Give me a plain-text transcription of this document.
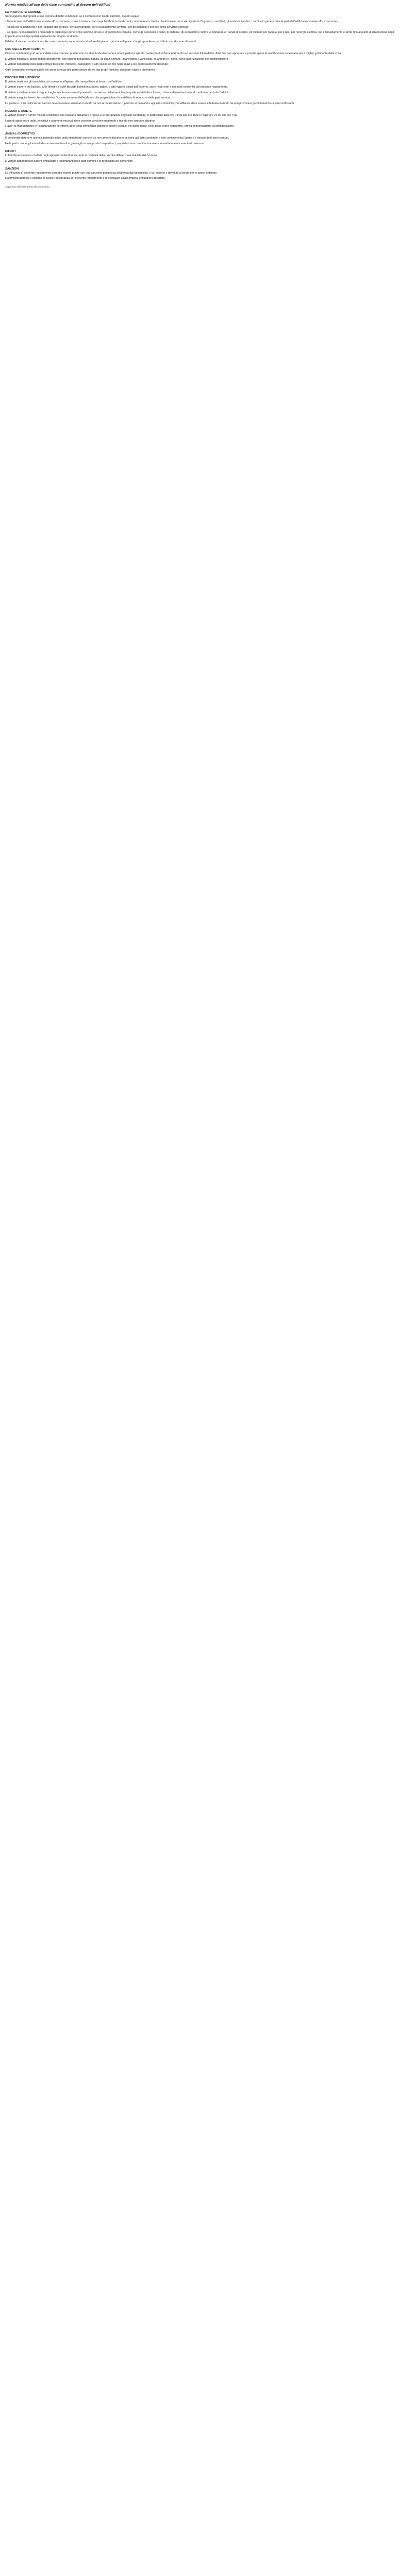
Norma relativa all'uso delle case comunali e al decoro dell'edificio
LA PROPRIETÀ COMUNE

Sono oggetto di proprietà e uso comune di tutti i condomini, se il contrario non risulta dal titolo, quanto segue:

- Tutte le parti dell'edificio necessarie all'uso comune, come il suolo su cui sorge l'edificio, le fondazioni, i muri maestri, i tetti e i lastrici solari, le scale, i portoni d'ingresso, i vestiboli, gli androni, i portici, i cortili e in genere tutte le parti dell'edificio necessarie all'uso comune;

- I locali per la portineria e per l'alloggio del portiere, per la lavanderia, per il riscaldamento centrale, per gli stenditoi e per altri simili servizi in comune;

- Le opere, le installazioni, i manufatti di qualunque genere che servono all'uso e al godimento comune, come gli ascensori, i pozzi, le cisterne, gli acquedotti e inoltre le fognature e i canali di scarico, gli impianti per l'acqua, per il gas, per l'energia elettrica, per il riscaldamento e simili, fino al punto di diramazione degli impianti ai locali di proprietà esclusiva dei singoli condomini.

Il diritto di ciascun condomino sulle cose comuni è proporzionato al valore del piano o porzione di piano che gli appartiene, se il titolo non dispone altrimenti.

USO DELLE PARTI COMUNI

Ciascun condomino può servirsi della cosa comune, purché non ne alteri la destinazione e non impedisca agli altri partecipanti di farne parimenti uso secondo il loro diritto. A tal fine può apportare a proprie spese le modificazioni necessarie per il miglior godimento della cosa.

È vietato occupare, anche temporaneamente, con oggetti di qualsiasi natura, gli spazi comuni, i pianerottoli, i vani scala, gli androni e i cortili, salvo autorizzazione dell'amministratore.

È vietato depositare nelle parti comuni biciclette, motocicli, passeggini o altri veicoli se non negli spazi a ciò espressamente destinati.

Ogni condomino è responsabile dei danni arrecati alle parti comuni da sé, dai propri familiari, dai propri ospiti o dipendenti.

DECORO DELL'EDIFICIO

È vietato destinare gli immobili a uso contrario all'igiene, alla tranquillità e al decoro dell'edificio.

È vietato esporre sui balconi, sulle finestre e sulle facciate biancheria, panni, tappeti o altri oggetti visibili dall'esterno, salvo negli orari e nei modi consentiti dal presente regolamento.

È vietato installare tende, insegne, targhe o antenne senza il preventivo consenso dell'assemblea, la quale ne stabilisce forma, colore e dimensioni in modo uniforme per tutto l'edificio.

È vietato eseguire lavori che modifichino l'aspetto esteriore dell'edificio o che pregiudichino la stabilità o la sicurezza delle parti comuni.

Le piante e i vasi collocati sui balconi devono essere sistemati in modo da non arrecare danno o pericolo ai passanti e agli altri condomini; l'innaffiatura deve essere effettuata in modo da non provocare gocciolamenti sui piani sottostanti.

RUMORI E QUIETE

È vietato produrre rumori molesti o fastidiosi che possano disturbare il riposo e le occupazioni degli altri condomini, in particolare dalle ore 13:00 alle ore 15:00 e dalle ore 22:00 alle ore 7:00.

L'uso di apparecchi radio, televisivi e strumenti musicali deve avvenire a volume moderato e tale da non arrecare disturbo.

I lavori di manutenzione e ristrutturazione all'interno delle unità immobiliari potranno essere eseguiti nei giorni feriali, nelle fasce orarie consentite, previa comunicazione all'amministratore.

ANIMALI DOMESTICI

È consentito detenere animali domestici nelle unità immobiliari, purché ciò non arrechi disturbo o pericolo agli altri condomini e non comprometta l'igiene e il decoro delle parti comuni.

Nelle parti comuni gli animali devono essere tenuti al guinzaglio o in apposito trasportino; i proprietari sono tenuti a rimuovere immediatamente eventuali deiezioni.

RIFIUTI

I rifiuti devono essere conferiti negli appositi contenitori secondo le modalità della raccolta differenziata stabilite dal Comune.

È vietato abbandonare sacchi, imballaggi o ingombranti nelle parti comuni o in prossimità dei contenitori.

SANZIONI

Le infrazioni al presente regolamento possono essere punite con una sanzione pecuniaria deliberata dall'assemblea, il cui importo è devoluto al fondo per le spese ordinarie.

L'amministratore ha il compito di curare l'osservanza del presente regolamento e di segnalare all'assemblea le infrazioni accertate.

Approvato dall'assemblea dei condomini.
